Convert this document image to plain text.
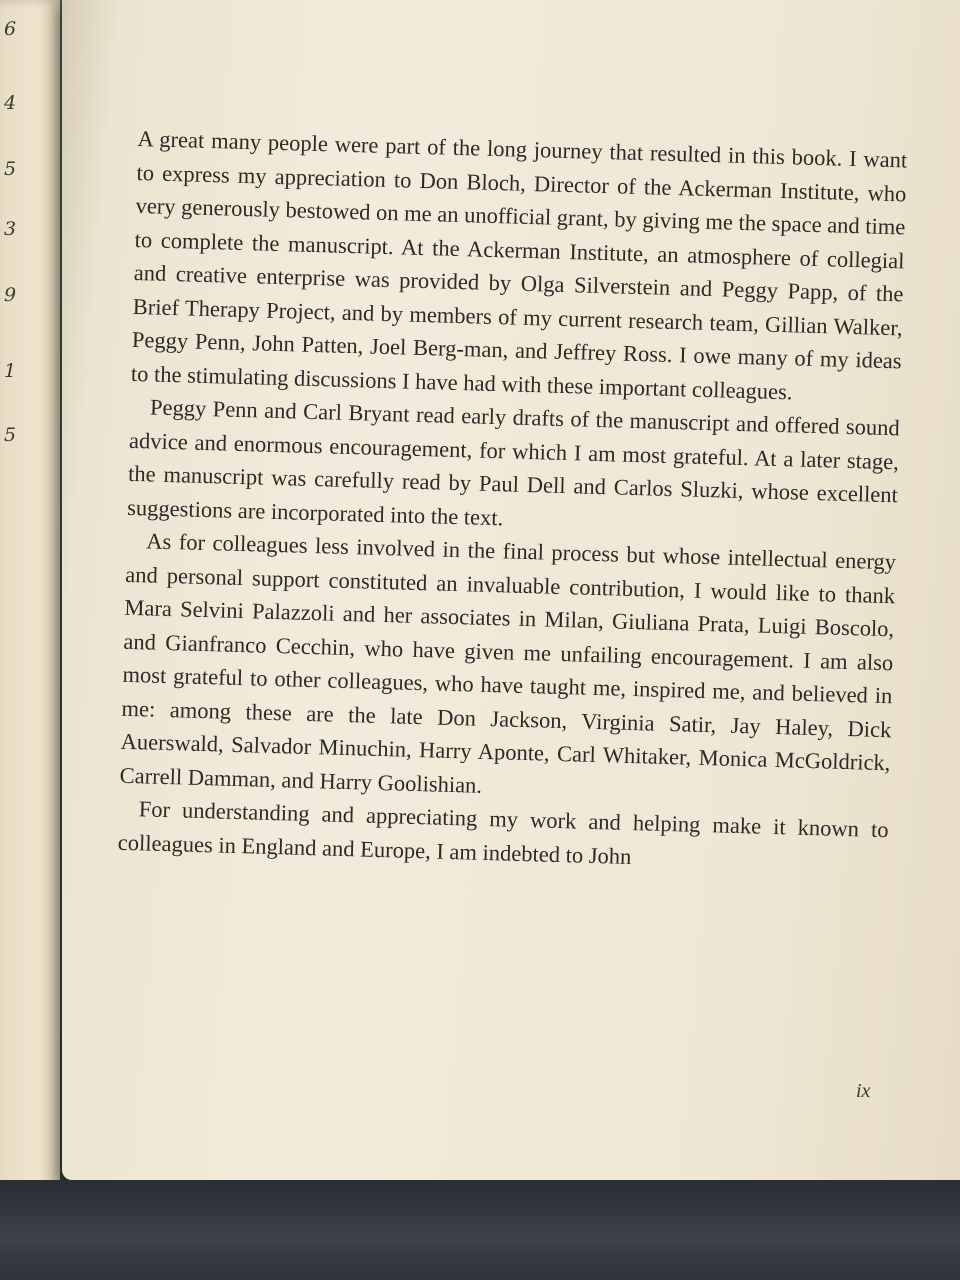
6
4
5
3
9
1
5

A great many people were part of the long journey that resulted in this book. I want to express my appreciation to Don Bloch, Director of the Ackerman Institute, who very generously bestowed on me an unofficial grant, by giving me the space and time to complete the manuscript. At the Ackerman Institute, an atmosphere of collegial and creative enterprise was provided by Olga Silverstein and Peggy Papp, of the Brief Therapy Project, and by members of my current research team, Gillian Walker, Peggy Penn, John Patten, Joel Berg-man, and Jeffrey Ross. I owe many of my ideas to the stimulating discussions I have had with these important colleagues.

Peggy Penn and Carl Bryant read early drafts of the manuscript and offered sound advice and enormous encouragement, for which I am most grateful. At a later stage, the manuscript was carefully read by Paul Dell and Carlos Sluzki, whose excellent suggestions are incorporated into the text.

As for colleagues less involved in the final process but whose intellectual energy and personal support constituted an invaluable contribution, I would like to thank Mara Selvini Palazzoli and her associates in Milan, Giuliana Prata, Luigi Boscolo, and Gianfranco Cecchin, who have given me unfailing encouragement. I am also most grateful to other colleagues, who have taught me, inspired me, and believed in me: among these are the late Don Jackson, Virginia Satir, Jay Haley, Dick Auerswald, Salvador Minuchin, Harry Aponte, Carl Whitaker, Monica McGoldrick, Carrell Damman, and Harry Goolishian.

For understanding and appreciating my work and helping make it known to colleagues in England and Europe, I am indebted to John

ix
